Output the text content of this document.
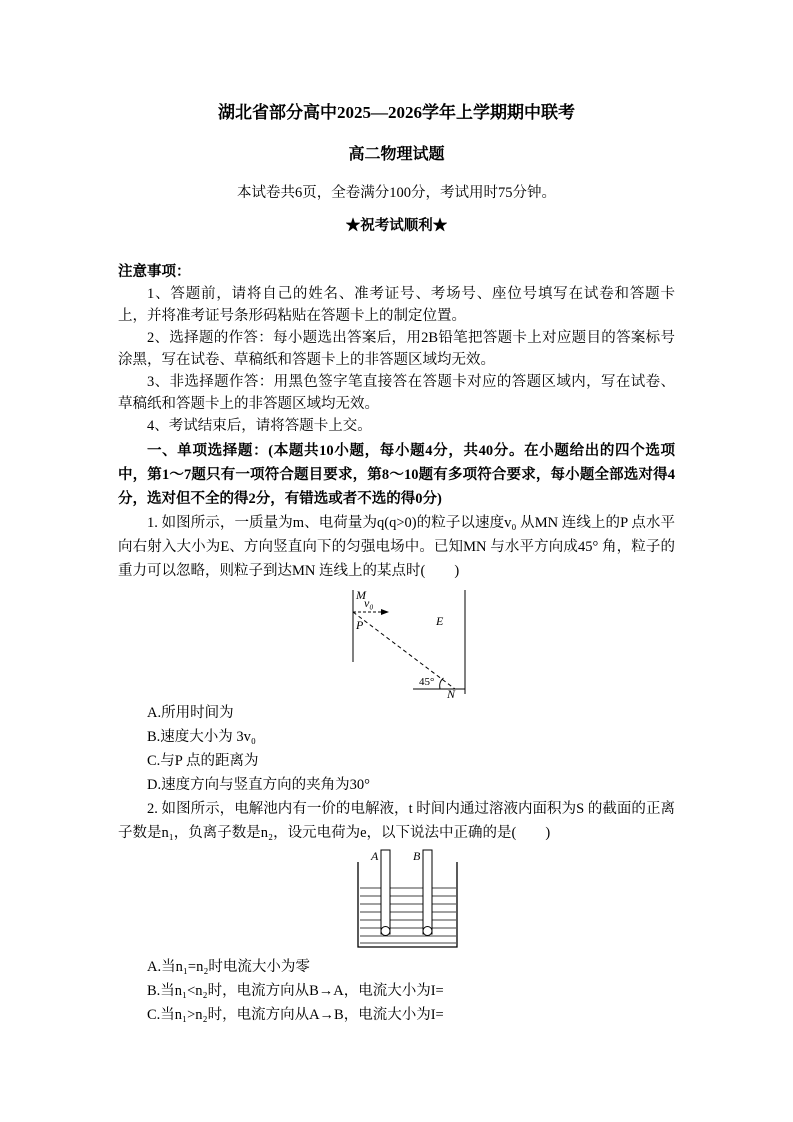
湖北省部分高中2025—2026学年上学期期中联考
高二物理试题

本试卷共6页，全卷满分100分，考试用时75分钟。

★祝考试顺利★

注意事项：

1、答题前，请将自己的姓名、准考证号、考场号、座位号填写在试卷和答题卡上，并将准考证号条形码粘贴在答题卡上的制定位置。

2、选择题的作答：每小题选出答案后，用2B铅笔把答题卡上对应题目的答案标号涂黑，写在试卷、草稿纸和答题卡上的非答题区域均无效。

3、非选择题作答：用黑色签字笔直接答在答题卡对应的答题区域内，写在试卷、草稿纸和答题卡上的非答题区域均无效。

4、考试结束后，请将答题卡上交。

一、单项选择题：(本题共10小题，每小题4分，共40分。在小题给出的四个选项中，第1～7题只有一项符合题目要求，第8～10题有多项符合要求，每小题全部选对得4分，选对但不全的得2分，有错选或者不选的得0分)

1. 如图所示，一质量为m、电荷量为q(q>0)的粒子以速度v₀ 从MN 连线上的P 点水平向右射入大小为E、方向竖直向下的匀强电场中。已知MN 与水平方向成45° 角，粒子的重力可以忽略，则粒子到达MN 连线上的某点时(　　)

M
P
v₀
E
45°
N

A.所用时间为

B.速度大小为 3v₀

C.与P 点的距离为

D.速度方向与竖直方向的夹角为30°

2. 如图所示，电解池内有一价的电解液，t 时间内通过溶液内面积为S 的截面的正离子数是n₁，负离子数是n₂，设元电荷为e，以下说法中正确的是(　　)

A	B

A.当n₁=n₂时电流大小为零

B.当n₁<n₂时，电流方向从B→A，电流大小为I=

C.当n₁>n₂时，电流方向从A→B，电流大小为I=
